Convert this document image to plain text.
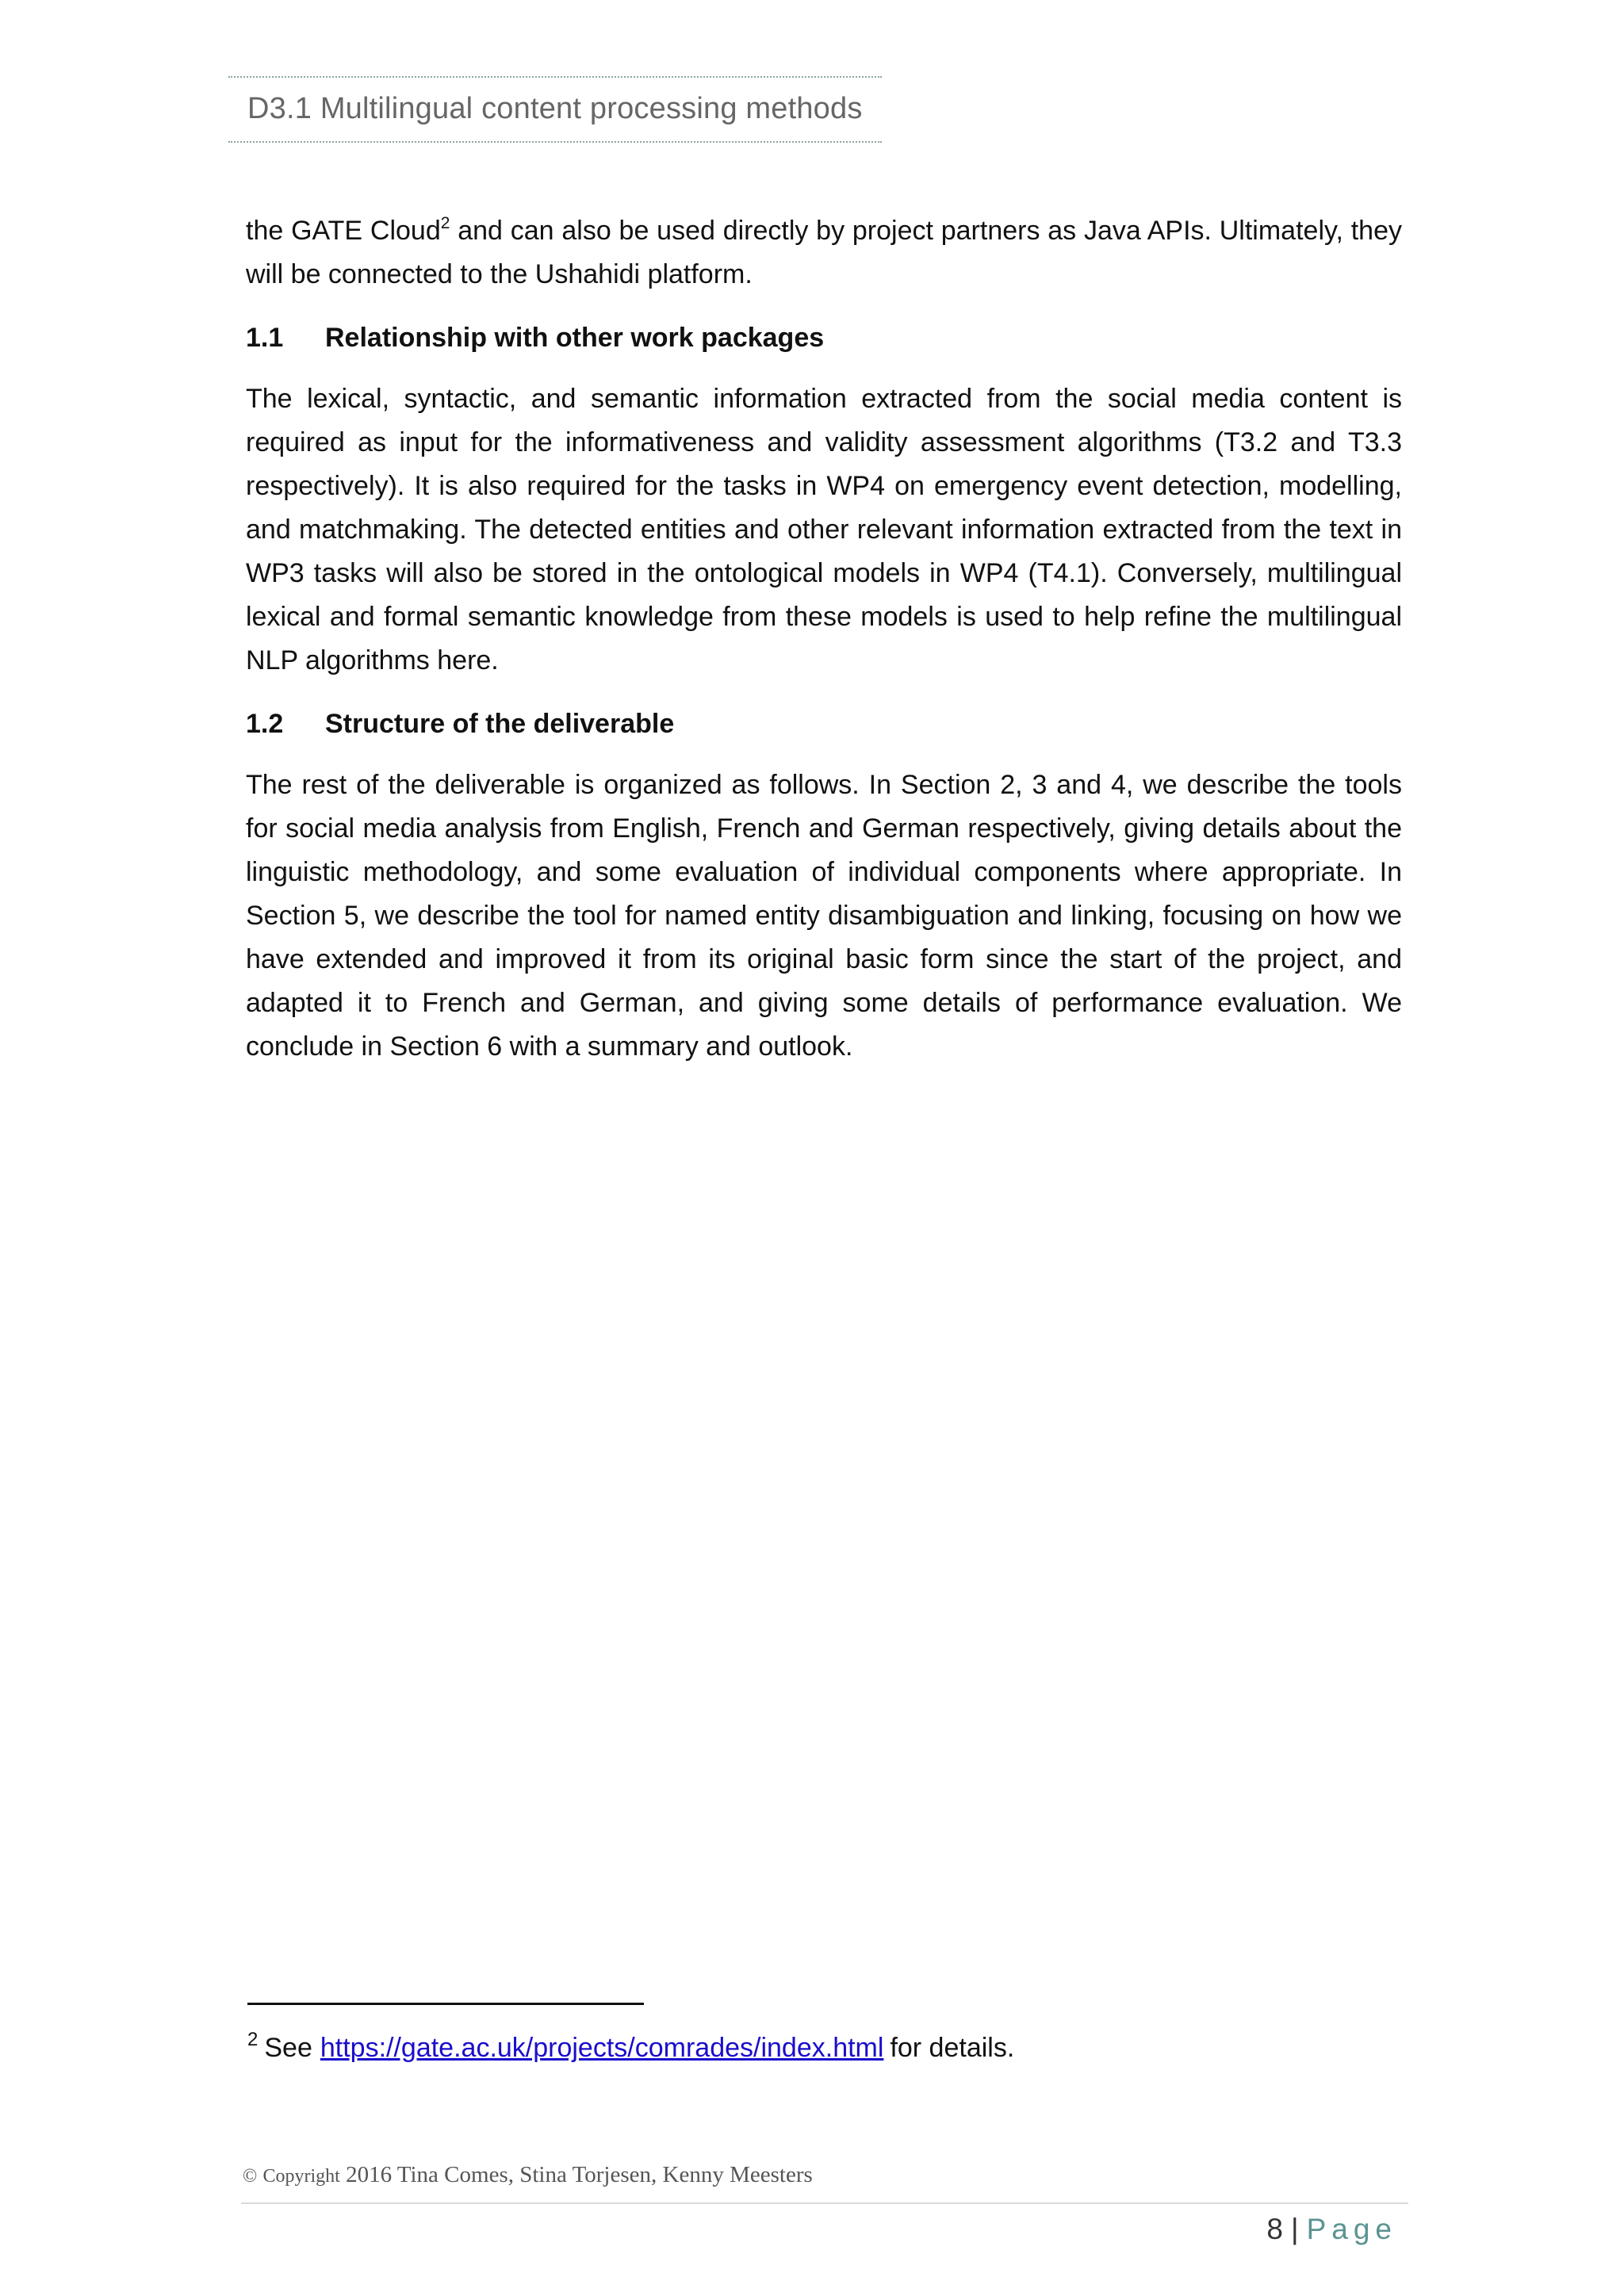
D3.1 Multilingual content processing methods

the GATE Cloud$^2$ and can also be used directly by project partners as Java APIs. Ultimately, they will be connected to the Ushahidi platform.

1.1 Relationship with other work packages

The lexical, syntactic, and semantic information extracted from the social media content is required as input for the informativeness and validity assessment algorithms (T3.2 and T3.3 respectively). It is also required for the tasks in WP4 on emergency event detection, modelling, and matchmaking. The detected entities and other relevant information extracted from the text in WP3 tasks will also be stored in the ontological models in WP4 (T4.1). Conversely, multilingual lexical and formal semantic knowledge from these models is used to help refine the multilingual NLP algorithms here.

1.2 Structure of the deliverable

The rest of the deliverable is organized as follows. In Section 2, 3 and 4, we describe the tools for social media analysis from English, French and German respectively, giving details about the linguistic methodology, and some evaluation of individual components where appropriate. In Section 5, we describe the tool for named entity disambiguation and linking, focusing on how we have extended and improved it from its original basic form since the start of the project, and adapted it to French and German, and giving some details of performance evaluation. We conclude in Section 6 with a summary and outlook.

$^2$ See https://gate.ac.uk/projects/comrades/index.html for details.
© Copyright 2016 Tina Comes, Stina Torjesen, Kenny Meesters
8 | Page
